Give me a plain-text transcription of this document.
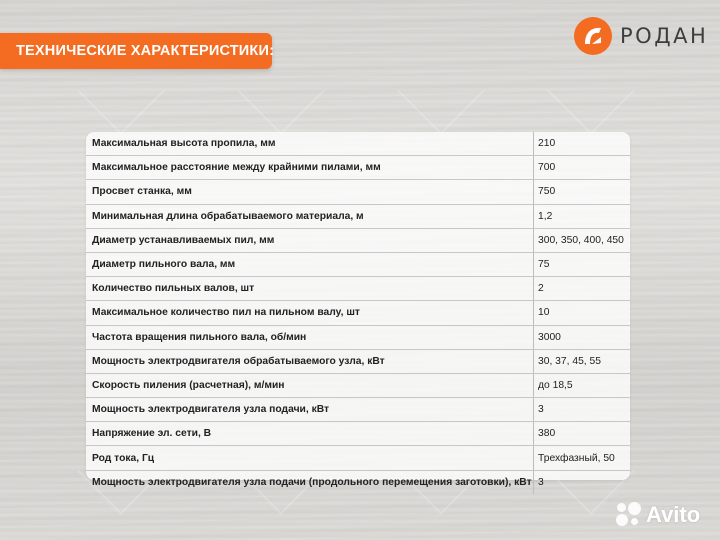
ТЕХНИЧЕСКИЕ ХАРАКТЕРИСТИКИ:
РОДАН
Максимальная высота пропила, мм	210
Максимальное расстояние между крайними пилами, мм	700
Просвет станка, мм	750
Минимальная длина обрабатываемого материала, м	1,2
Диаметр устанавливаемых пил, мм	300, 350, 400, 450
Диаметр пильного вала, мм	75
Количество пильных валов, шт	2
Максимальное количество пил на пильном валу, шт	10
Частота вращения пильного вала, об/мин	3000
Мощность электродвигателя обрабатываемого узла, кВт	30, 37, 45, 55
Скорость пиления (расчетная), м/мин	до 18,5
Мощность электродвигателя узла подачи, кВт	3
Напряжение эл. сети, В	380
Род тока, Гц	Трехфазный, 50
Мощность электродвигателя узла подачи (продольного перемещения заготовки), кВт	3
Avito
